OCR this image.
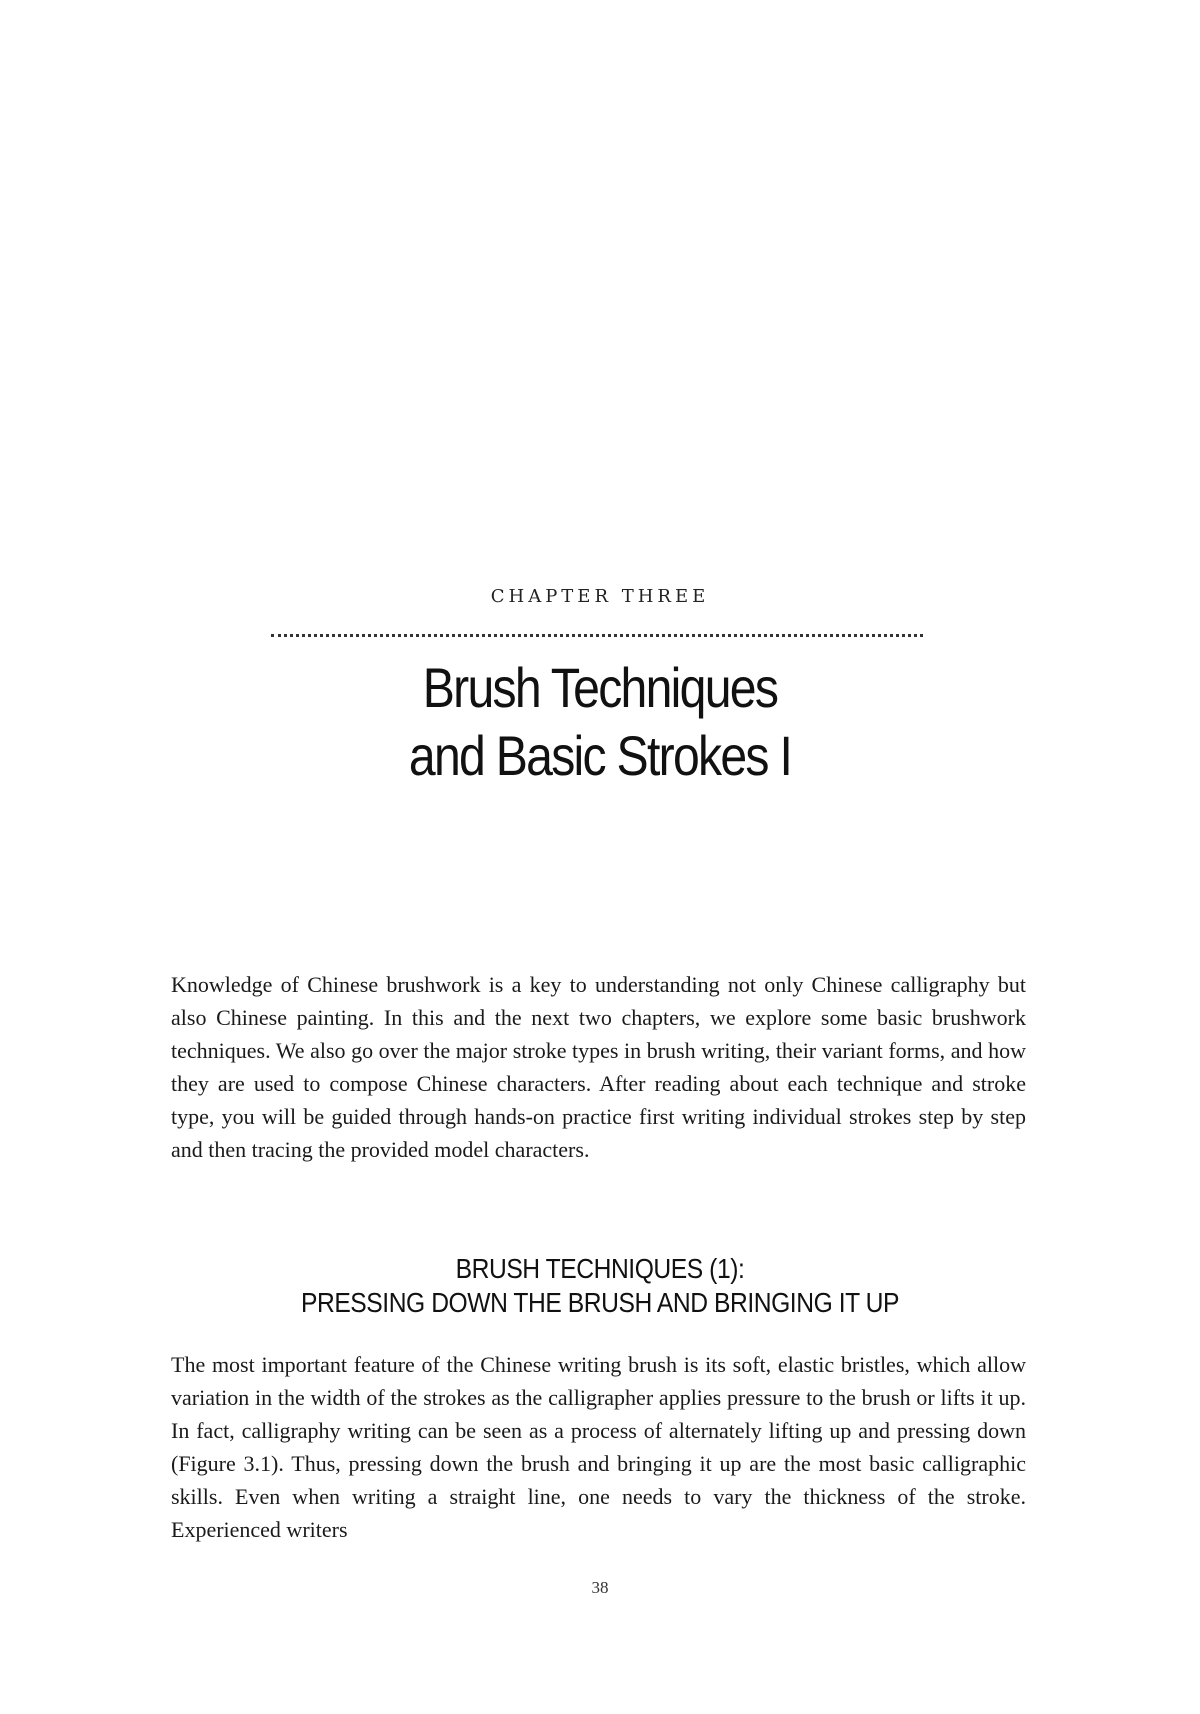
CHAPTER THREE
Brush Techniques
and Basic Strokes I

Knowledge of Chinese brushwork is a key to understanding not only Chinese calligraphy but also Chinese painting. In this and the next two chapters, we explore some basic brushwork techniques. We also go over the major stroke types in brush writing, their variant forms, and how they are used to compose Chinese characters. After reading about each technique and stroke type, you will be guided through hands-on practice first writing individual strokes step by step and then tracing the provided model characters.

BRUSH TECHNIQUES (1):
PRESSING DOWN THE BRUSH AND BRINGING IT UP

The most important feature of the Chinese writing brush is its soft, elastic bristles, which allow variation in the width of the strokes as the calligrapher applies pressure to the brush or lifts it up. In fact, calligraphy writing can be seen as a process of alternately lifting up and pressing down (Figure 3.1). Thus, pressing down the brush and bringing it up are the most basic calligraphic skills. Even when writing a straight line, one needs to vary the thickness of the stroke. Experienced writers

38
